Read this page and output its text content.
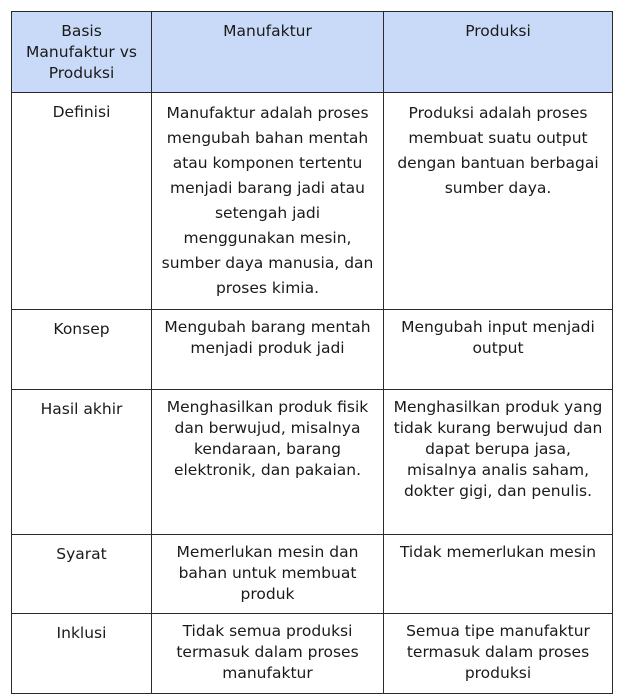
Basis Manufaktur vs Produksi	Manufaktur	Produksi
Definisi	Manufaktur adalah proses mengubah bahan mentah atau komponen tertentu menjadi barang jadi atau setengah jadi menggunakan mesin, sumber daya manusia, dan proses kimia.	Produksi adalah proses membuat suatu output dengan bantuan berbagai sumber daya.
Konsep	Mengubah barang mentah menjadi produk jadi	Mengubah input menjadi output
Hasil akhir	Menghasilkan produk fisik dan berwujud, misalnya kendaraan, barang elektronik, dan pakaian.	Menghasilkan produk yang tidak kurang berwujud dan dapat berupa jasa, misalnya analis saham, dokter gigi, dan penulis.
Syarat	Memerlukan mesin dan bahan untuk membuat produk	Tidak memerlukan mesin
Inklusi	Tidak semua produksi termasuk dalam proses manufaktur	Semua tipe manufaktur termasuk dalam proses produksi
